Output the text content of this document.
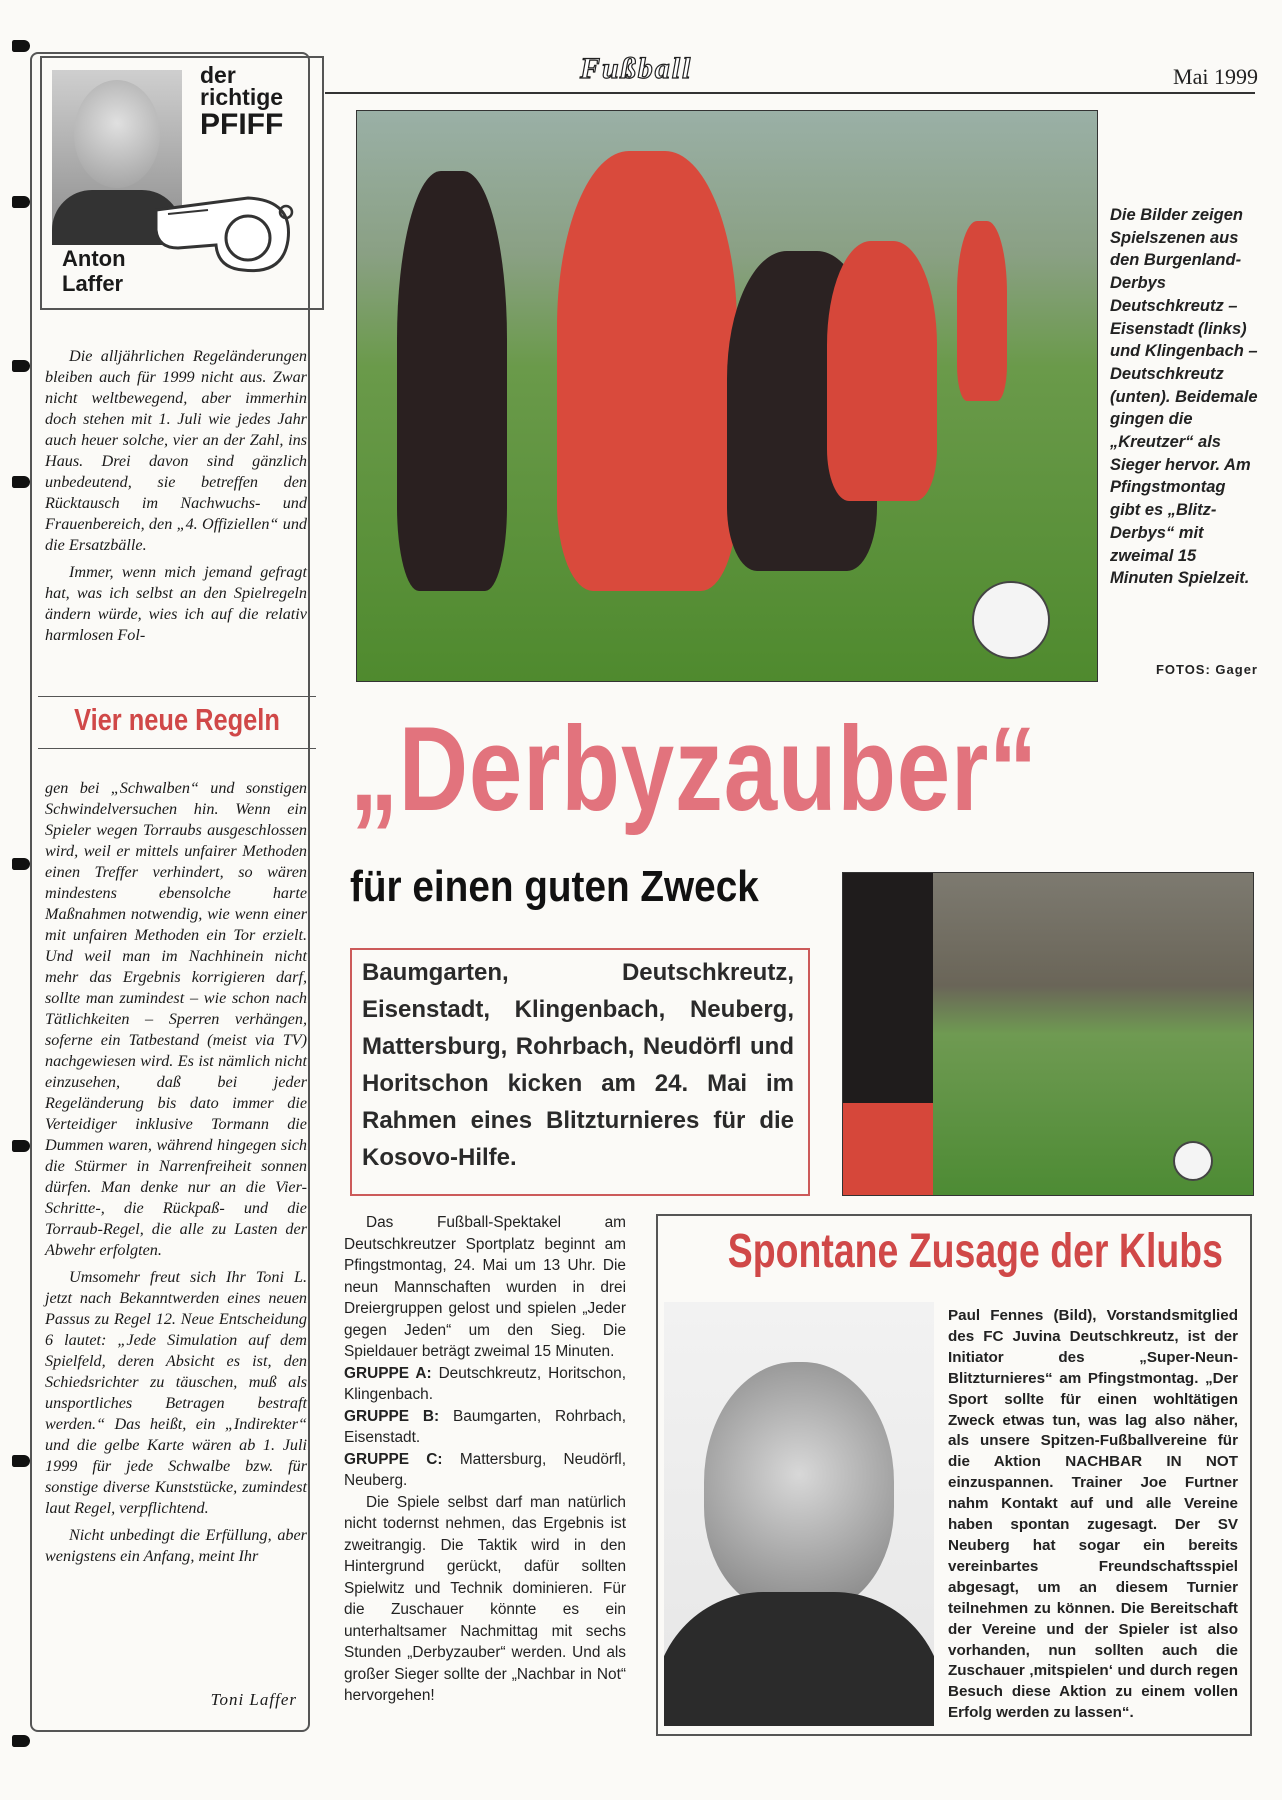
Fußball	Mai 1999
der
richtige
PFIFF
Anton
Laffer

Die alljährlichen Regeländerungen bleiben auch für 1999 nicht aus. Zwar nicht weltbewegend, aber immerhin doch stehen mit 1. Juli wie jedes Jahr auch heuer solche, vier an der Zahl, ins Haus. Drei davon sind gänzlich unbedeutend, sie betreffen den Rücktausch im Nachwuchs- und Frauenbereich, den „4. Offiziellen“ und die Ersatzbälle.

Immer, wenn mich jemand gefragt hat, was ich selbst an den Spielregeln ändern würde, wies ich auf die relativ harmlosen Fol-

Vier neue Regeln

gen bei „Schwalben“ und sonstigen Schwindelversuchen hin. Wenn ein Spieler wegen Torraubs ausgeschlossen wird, weil er mittels unfairer Methoden einen Treffer verhindert, so wären mindestens ebensolche harte Maßnahmen notwendig, wie wenn einer mit unfairen Methoden ein Tor erzielt. Und weil man im Nachhinein nicht mehr das Ergebnis korrigieren darf, sollte man zumindest – wie schon nach Tätlichkeiten – Sperren verhängen, soferne ein Tatbestand (meist via TV) nachgewiesen wird. Es ist nämlich nicht einzusehen, daß bei jeder Regeländerung bis dato immer die Verteidiger inklusive Tormann die Dummen waren, während hingegen sich die Stürmer in Narrenfreiheit sonnen dürfen. Man denke nur an die Vier-Schritte-, die Rückpaß- und die Torraub-Regel, die alle zu Lasten der Abwehr erfolgten.

Umsomehr freut sich Ihr Toni L. jetzt nach Bekanntwerden eines neuen Passus zu Regel 12. Neue Entscheidung 6 lautet: „Jede Simulation auf dem Spielfeld, deren Absicht es ist, den Schiedsrichter zu täuschen, muß als unsportliches Betragen bestraft werden.“ Das heißt, ein „Indirekter“ und die gelbe Karte wären ab 1. Juli 1999 für jede Schwalbe bzw. für sonstige diverse Kunststücke, zumindest laut Regel, verpflichtend.

Nicht unbedingt die Erfüllung, aber wenigstens ein Anfang, meint Ihr

Toni Laffer
Die Bilder zeigen Spielszenen aus den Burgenland-Derbys Deutschkreutz – Eisenstadt (links) und Klingenbach – Deutschkreutz (unten). Beidemale gingen die „Kreutzer“ als Sieger hervor. Am Pfingstmontag gibt es „Blitz-Derbys“ mit zweimal 15 Minuten Spielzeit.
FOTOS: Gager
„Derbyzauber“
für einen guten Zweck
Baumgarten, Deutschkreutz, Eisenstadt, Klingenbach, Neuberg, Mattersburg, Rohrbach, Neudörfl und Horitschon kicken am 24. Mai im Rahmen eines Blitzturnieres für die Kosovo-Hilfe.

Das Fußball-Spektakel am Deutschkreutzer Sportplatz beginnt am Pfingstmontag, 24. Mai um 13 Uhr. Die neun Mannschaften wurden in drei Dreiergruppen gelost und spielen „Jeder gegen Jeden“ um den Sieg. Die Spieldauer beträgt zweimal 15 Minuten.

GRUPPE A: Deutschkreutz, Horitschon, Klingenbach.

GRUPPE B: Baumgarten, Rohrbach, Eisenstadt.

GRUPPE C: Mattersburg, Neudörfl, Neuberg.

Die Spiele selbst darf man natürlich nicht todernst nehmen, das Ergebnis ist zweitrangig. Die Taktik wird in den Hintergrund gerückt, dafür sollten Spielwitz und Technik dominieren. Für die Zuschauer könnte es ein unterhaltsamer Nachmittag mit sechs Stunden „Derbyzauber“ werden. Und als großer Sieger sollte der „Nachbar in Not“ hervorgehen!

Spontane Zusage der Klubs
Paul Fennes (Bild), Vorstandsmitglied des FC Juvina Deutschkreutz, ist der Initiator des „Super-Neun-Blitzturnieres“ am Pfingstmontag. „Der Sport sollte für einen wohltätigen Zweck etwas tun, was lag also näher, als unsere Spitzen-Fußballvereine für die Aktion NACHBAR IN NOT einzuspannen. Trainer Joe Furtner nahm Kontakt auf und alle Vereine haben spontan zugesagt. Der SV Neuberg hat sogar ein bereits vereinbartes Freundschaftsspiel abgesagt, um an diesem Turnier teilnehmen zu können. Die Bereitschaft der Vereine und der Spieler ist also vorhanden, nun sollten auch die Zuschauer ‚mitspielen‘ und durch regen Besuch diese Aktion zu einem vollen Erfolg werden zu lassen“.
